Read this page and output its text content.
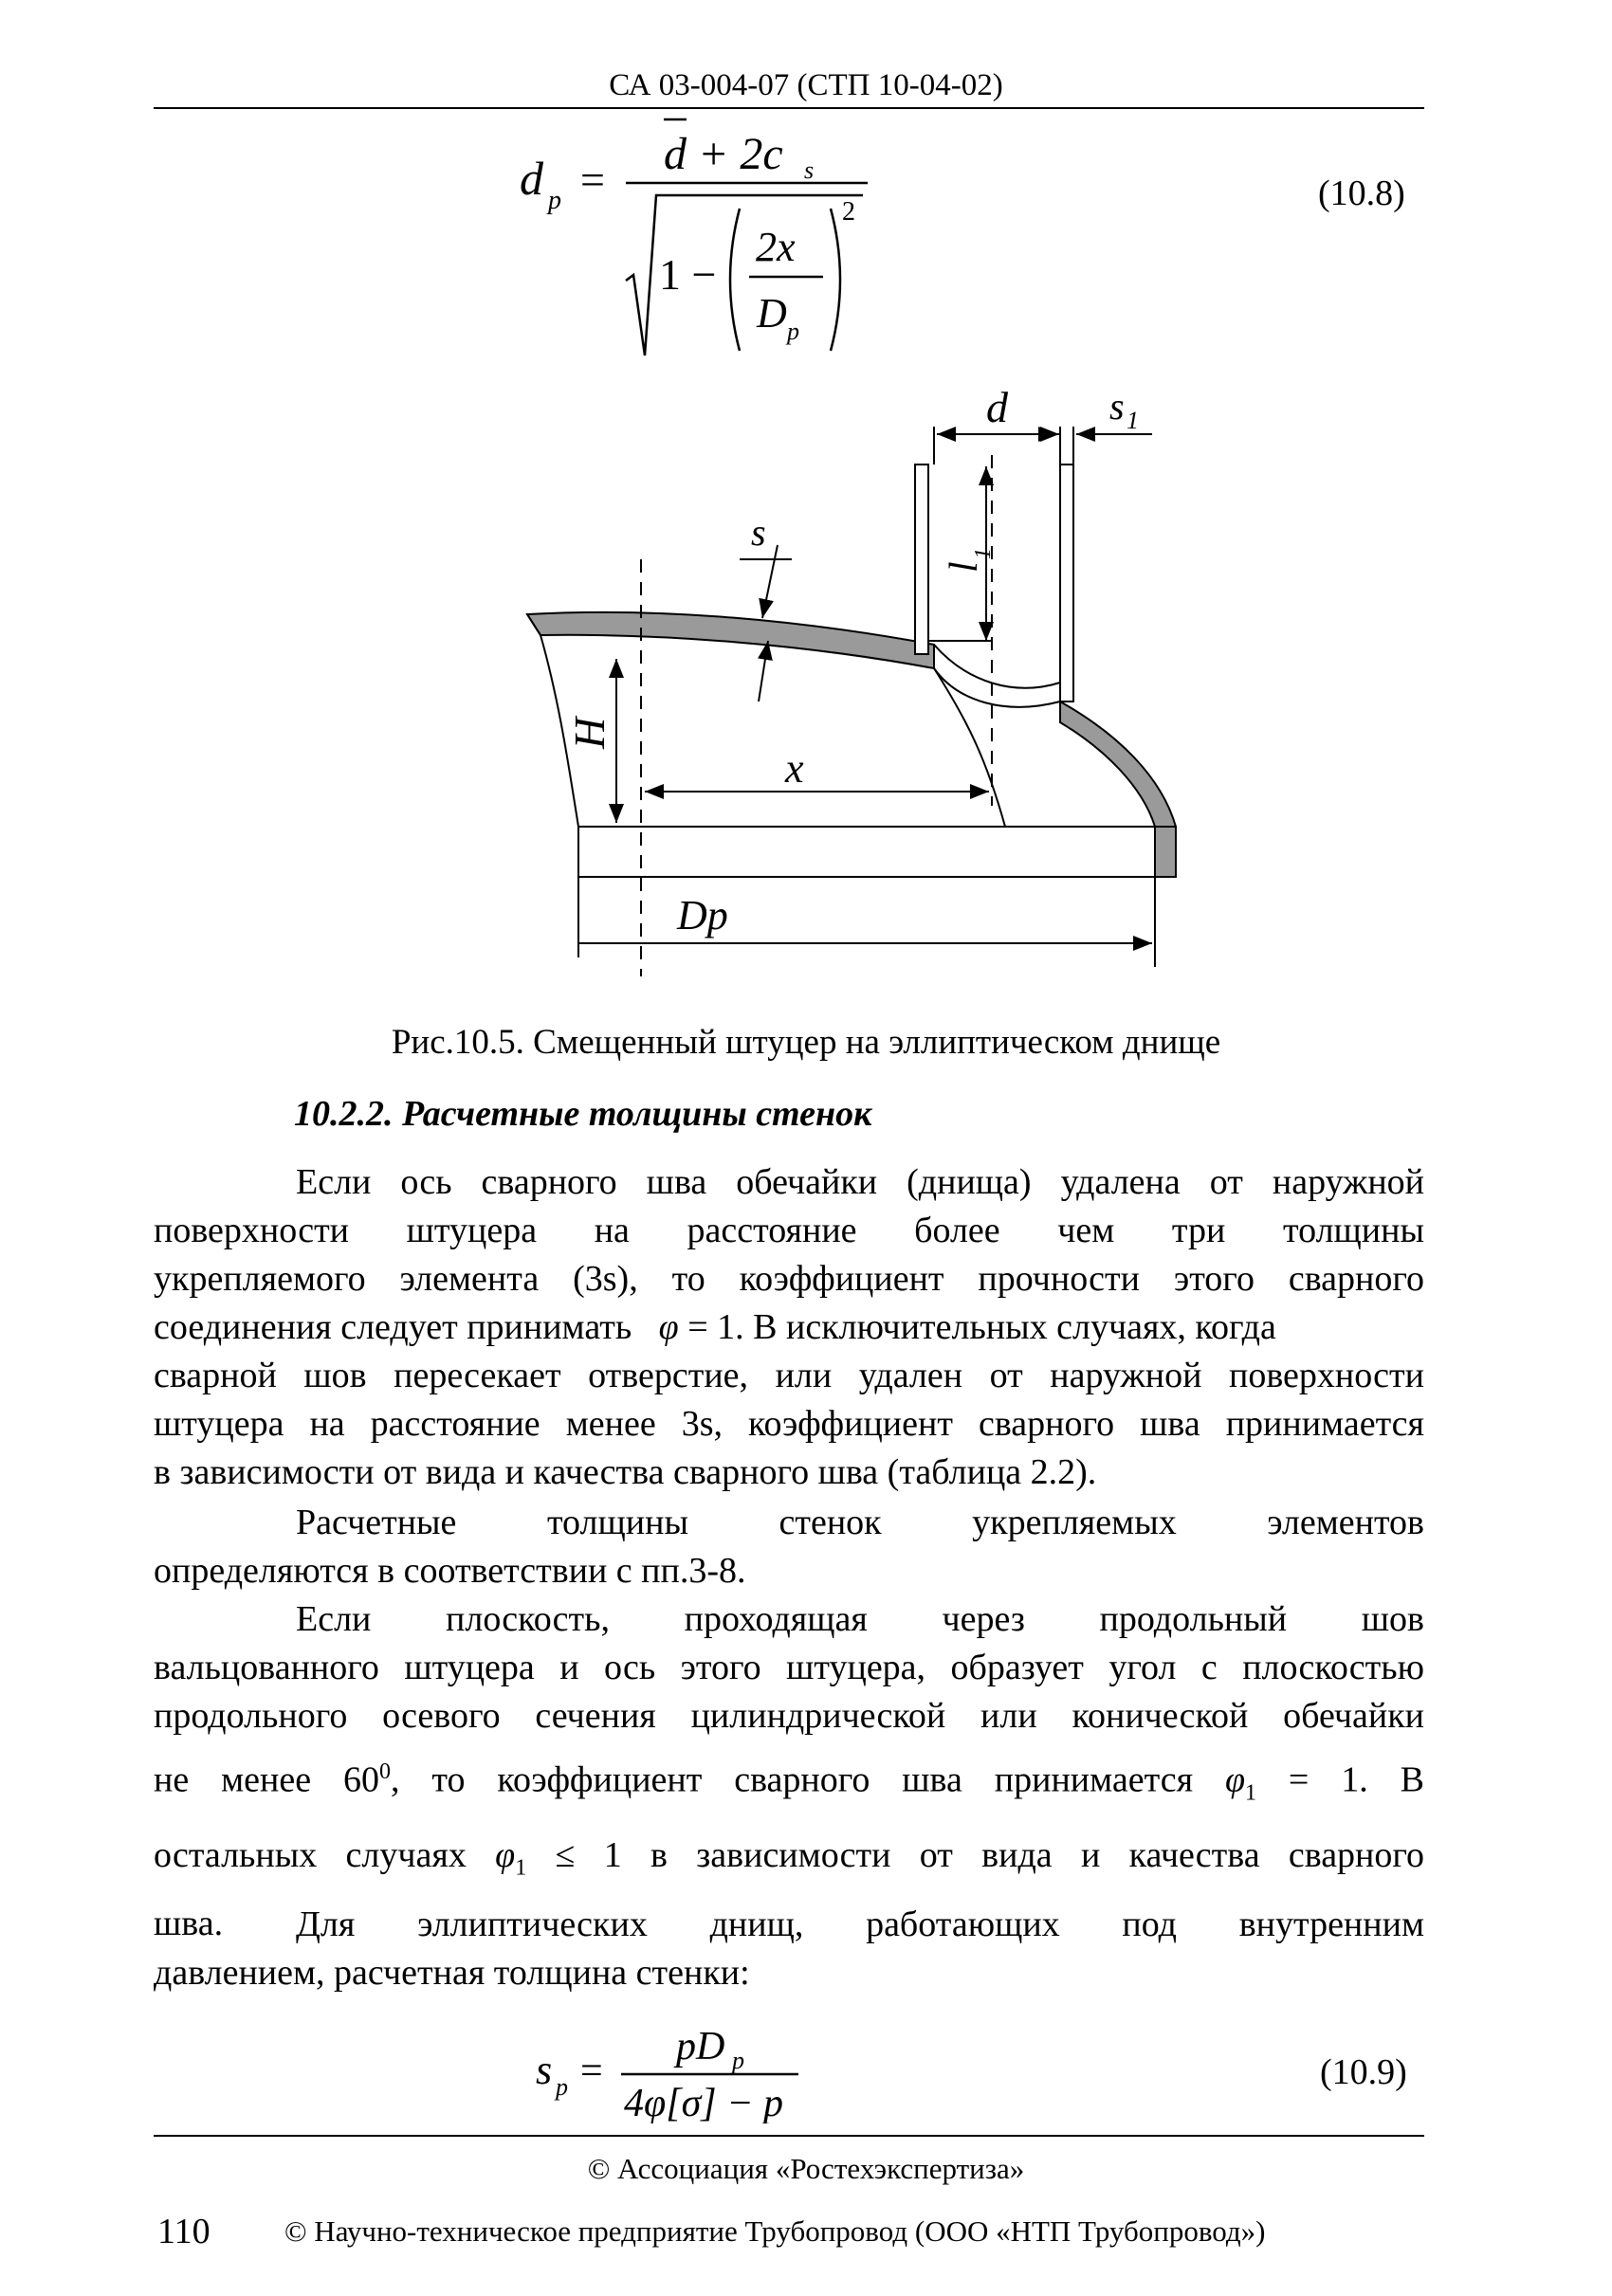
СА 03-004-07 (СТП 10-04-02)
d p =
d + 2c s
1 −
2x
D p
2	(10.8)
d	s 1
s
l
1
H
x
Dp
Рис.10.5. Смещенный штуцер на эллиптическом днище
10.2.2. Расчетные толщины стенок
Если ось сварного шва обечайки (днища) удалена от наружной
поверхности штуцера на расстояние более чем три толщины
укрепляемого элемента (3s), то коэффициент прочности этого сварного
соединения следует принимать φ = 1. В исключительных случаях, когда
сварной шов пересекает отверстие, или удален от наружной поверхности
штуцера на расстояние менее 3s, коэффициент сварного шва принимается
в зависимости от вида и качества сварного шва (таблица 2.2).
Расчетные толщины стенок укрепляемых элементов
определяются в соответствии с пп.3-8.
Если плоскость, проходящая через продольный шов
вальцованного штуцера и ось этого штуцера, образует угол с плоскостью
продольного осевого сечения цилиндрической или конической обечайки
не менее $60^0$, то коэффициент сварного шва принимается $\varphi_1 = 1$. В
остальных случаях $\varphi_1 \le 1$ в зависимости от вида и качества сварного
шва.	Для эллиптических днищ, работающих под внутренним
давлением, расчетная толщина стенки:
s p =
pD p
4φ[σ] − p
(10.9)
© Ассоциация «Ростехэкспертиза»
110	© Научно-техническое предприятие Трубопровод (ООО «НТП Трубопровод»)
